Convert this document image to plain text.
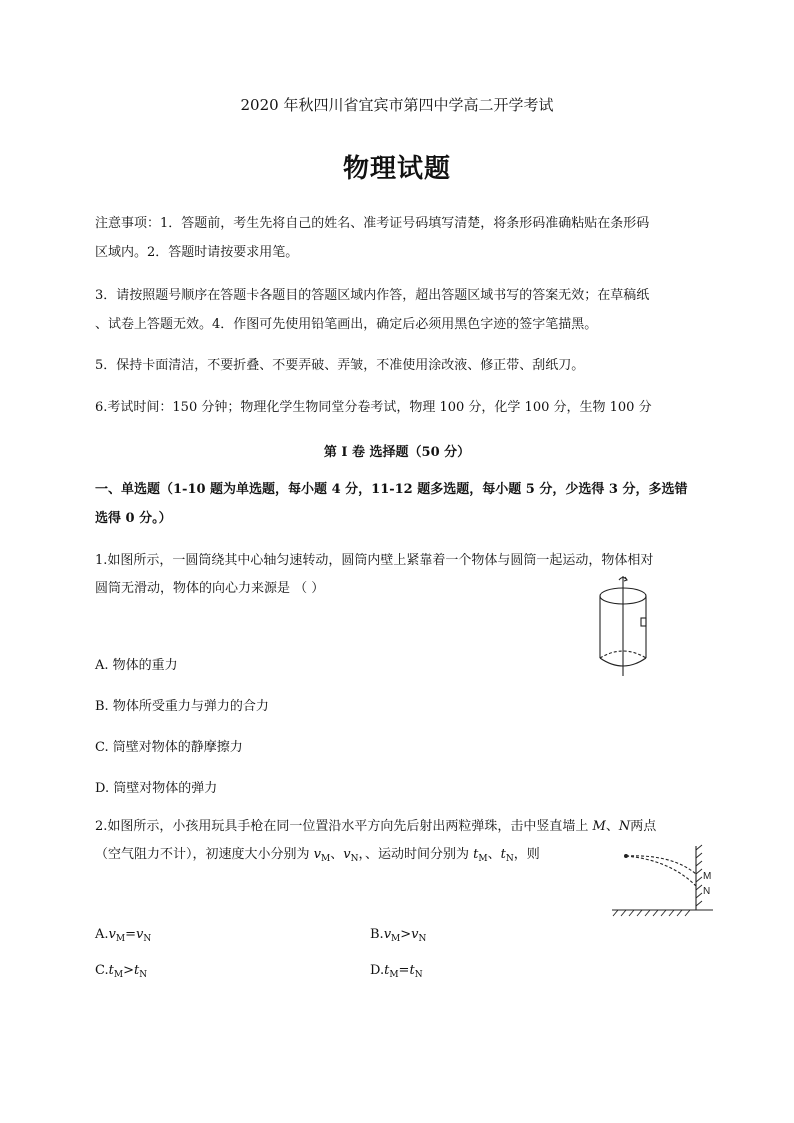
2020 年秋四川省宜宾市第四中学高二开学考试
物理试题
注意事项：1．答题前，考生先将自己的姓名、准考证号码填写清楚，将条形码准确粘贴在条形码
区域内。2．答题时请按要求用笔。
3．请按照题号顺序在答题卡各题目的答题区域内作答，超出答题区域书写的答案无效；在草稿纸
、试卷上答题无效。4．作图可先使用铅笔画出，确定后必须用黑色字迹的签字笔描黑。
5．保持卡面清洁，不要折叠、不要弄破、弄皱，不准使用涂改液、修正带、刮纸刀。
6.考试时间：150 分钟；物理化学生物同堂分卷考试，物理 100 分，化学 100 分，生物 100 分
第 I 卷 选择题（50 分）
一、单选题（1-10 题为单选题，每小题 4 分，11-12 题多选题，每小题 5 分，少选得 3 分，多选错
选得 0 分。）
1.如图所示，一圆筒绕其中心轴匀速转动，圆筒内壁上紧靠着一个物体与圆筒一起运动，物体相对
圆筒无滑动，物体的向心力来源是 （ ）
A. 物体的重力
B. 物体所受重力与弹力的合力
C. 筒壁对物体的静摩擦力
D. 筒壁对物体的弹力
2.如图所示，小孩用玩具手枪在同一位置沿水平方向先后射出两粒弹珠，击中竖直墙上 M、N两点
（空气阻力不计），初速度大小分别为 $v_M$、$v_N$，、运动时间分别为 $t_M$、$t_N$，则
M
N
$A.v_M=v_N$	$B.v_M>v_N$
$C.t_M>t_N$	$D.t_M=t_N$
